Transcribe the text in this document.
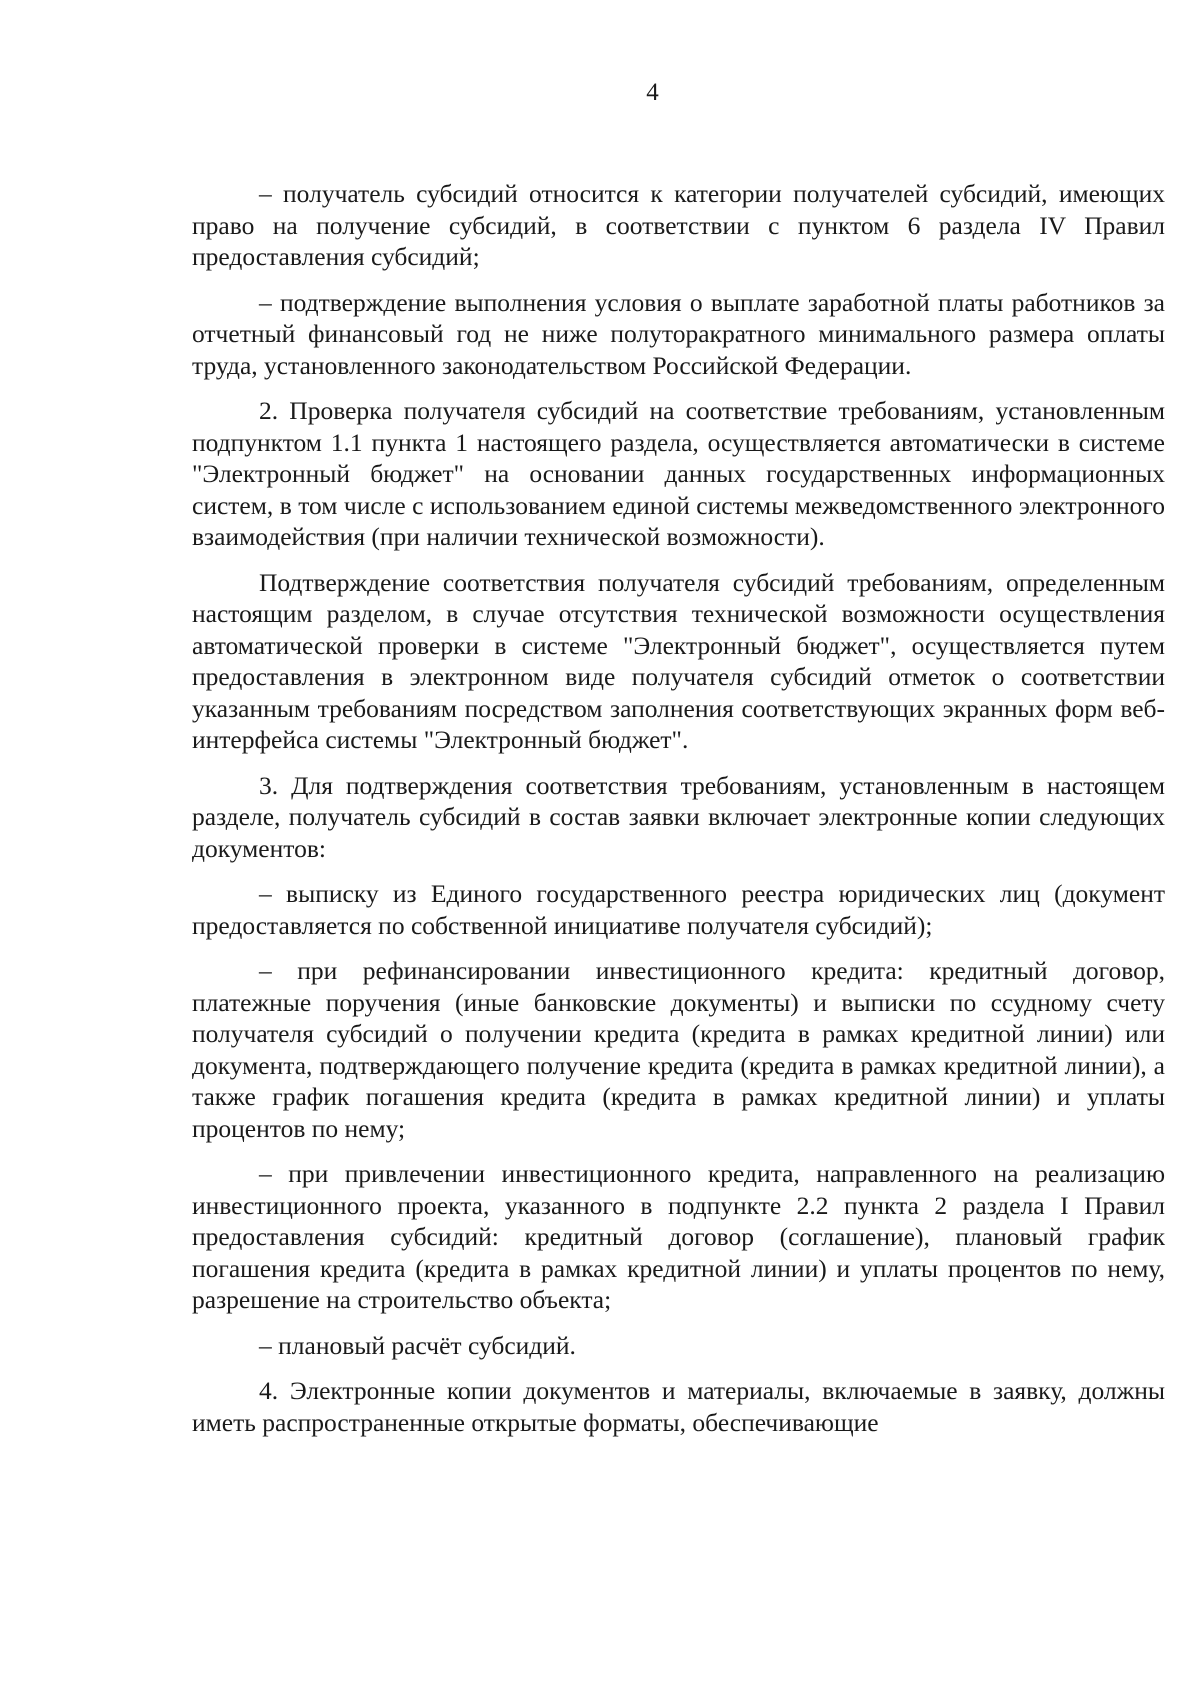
4

– получатель субсидий относится к категории получателей субсидий, имеющих право на получение субсидий, в соответствии с пунктом 6 раздела IV Правил предоставления субсидий;

– подтверждение выполнения условия о выплате заработной платы работников за отчетный финансовый год не ниже полуторакратного минимального размера оплаты труда, установленного законодательством Российской Федерации.

2. Проверка получателя субсидий на соответствие требованиям, установленным подпунктом 1.1 пункта 1 настоящего раздела, осуществляется автоматически в системе "Электронный бюджет" на основании данных государственных информационных систем, в том числе с использованием единой системы межведомственного электронного взаимодействия (при наличии технической возможности).

Подтверждение соответствия получателя субсидий требованиям, определенным настоящим разделом, в случае отсутствия технической возможности осуществления автоматической проверки в системе "Электронный бюджет", осуществляется путем предоставления в электронном виде получателя субсидий отметок о соответствии указанным требованиям посредством заполнения соответствующих экранных форм веб-интерфейса системы "Электронный бюджет".

3. Для подтверждения соответствия требованиям, установленным в настоящем разделе, получатель субсидий в состав заявки включает электронные копии следующих документов:

– выписку из Единого государственного реестра юридических лиц (документ предоставляется по собственной инициативе получателя субсидий);

– при рефинансировании инвестиционного кредита: кредитный договор, платежные поручения (иные банковские документы) и выписки по ссудному счету получателя субсидий о получении кредита (кредита в рамках кредитной линии) или документа, подтверждающего получение кредита (кредита в рамках кредитной линии), а также график погашения кредита (кредита в рамках кредитной линии) и уплаты процентов по нему;

– при привлечении инвестиционного кредита, направленного на реализацию инвестиционного проекта, указанного в подпункте 2.2 пункта 2 раздела I Правил предоставления субсидий: кредитный договор (соглашение), плановый график погашения кредита (кредита в рамках кредитной линии) и уплаты процентов по нему, разрешение на строительство объекта;

– плановый расчёт субсидий.

4. Электронные копии документов и материалы, включаемые в заявку, должны иметь распространенные открытые форматы, обеспечивающие
